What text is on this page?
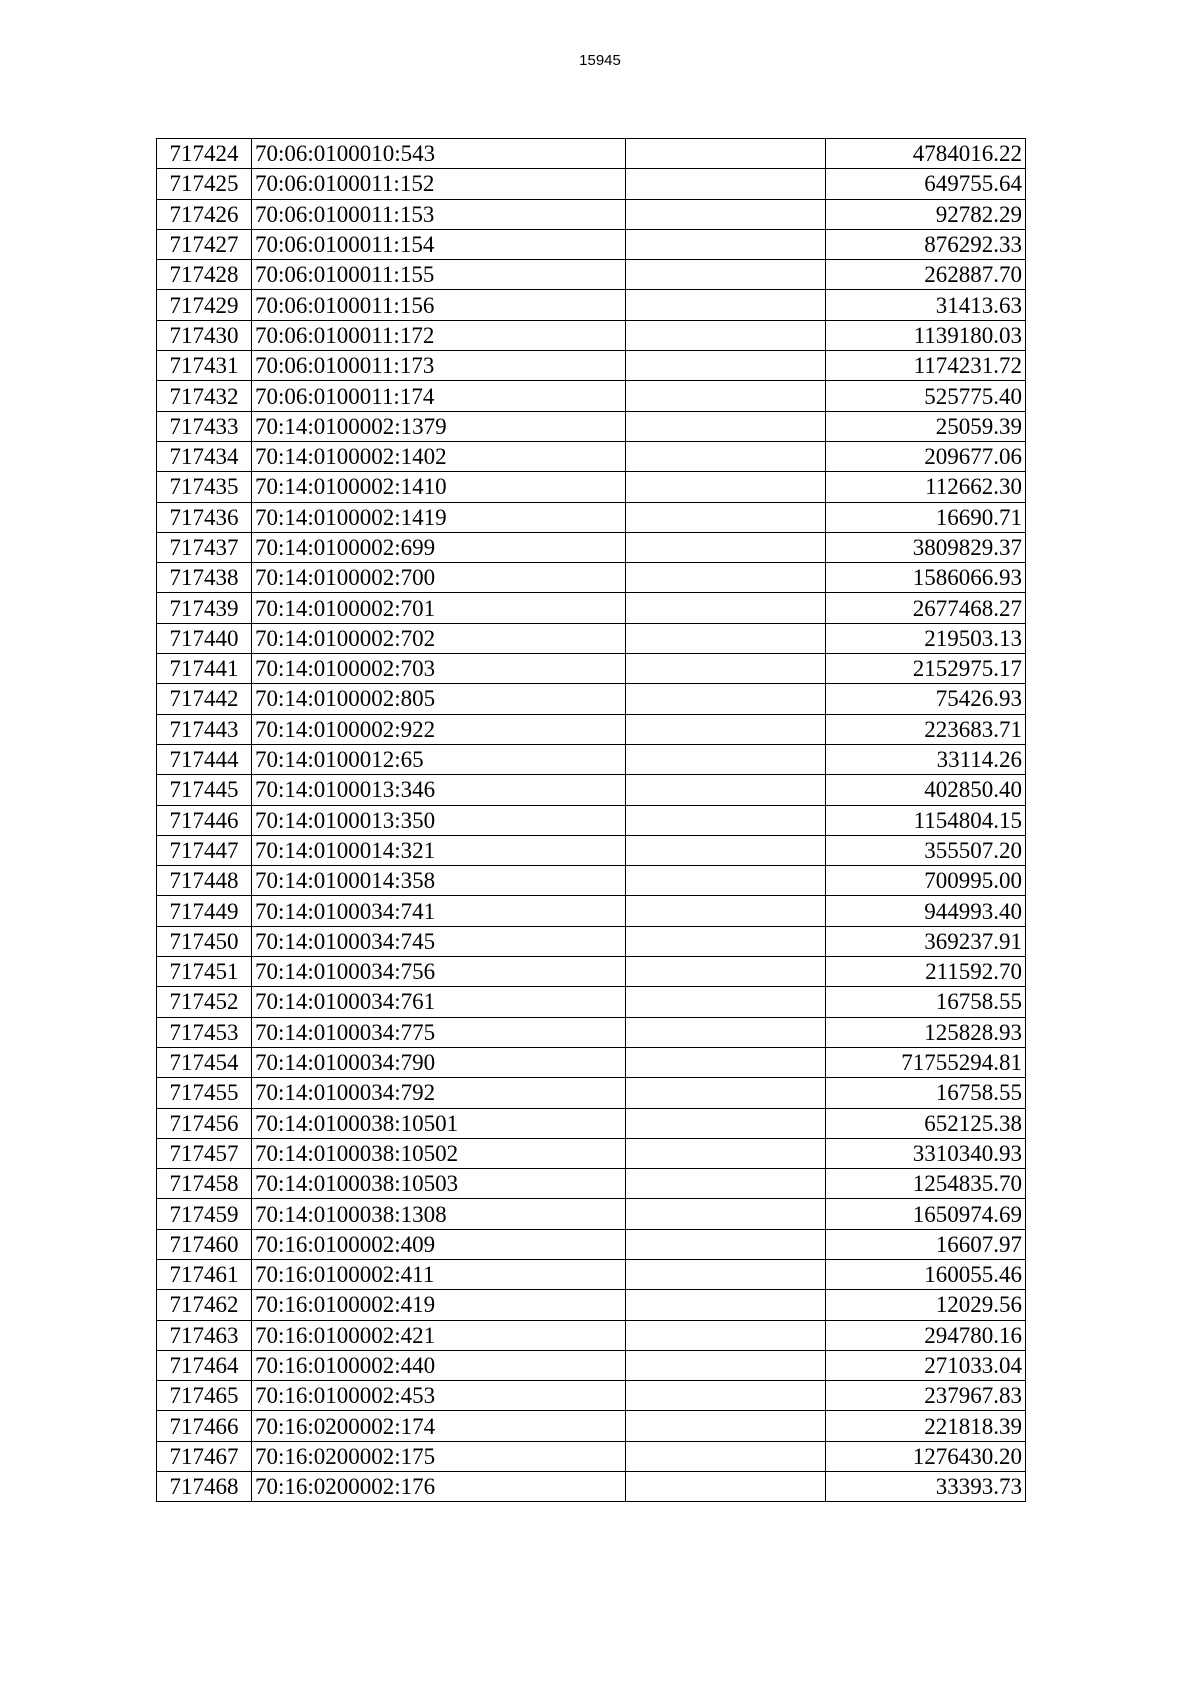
15945
717424	70:06:0100010:543		4784016.22
717425	70:06:0100011:152		649755.64
717426	70:06:0100011:153		92782.29
717427	70:06:0100011:154		876292.33
717428	70:06:0100011:155		262887.70
717429	70:06:0100011:156		31413.63
717430	70:06:0100011:172		1139180.03
717431	70:06:0100011:173		1174231.72
717432	70:06:0100011:174		525775.40
717433	70:14:0100002:1379		25059.39
717434	70:14:0100002:1402		209677.06
717435	70:14:0100002:1410		112662.30
717436	70:14:0100002:1419		16690.71
717437	70:14:0100002:699		3809829.37
717438	70:14:0100002:700		1586066.93
717439	70:14:0100002:701		2677468.27
717440	70:14:0100002:702		219503.13
717441	70:14:0100002:703		2152975.17
717442	70:14:0100002:805		75426.93
717443	70:14:0100002:922		223683.71
717444	70:14:0100012:65		33114.26
717445	70:14:0100013:346		402850.40
717446	70:14:0100013:350		1154804.15
717447	70:14:0100014:321		355507.20
717448	70:14:0100014:358		700995.00
717449	70:14:0100034:741		944993.40
717450	70:14:0100034:745		369237.91
717451	70:14:0100034:756		211592.70
717452	70:14:0100034:761		16758.55
717453	70:14:0100034:775		125828.93
717454	70:14:0100034:790		71755294.81
717455	70:14:0100034:792		16758.55
717456	70:14:0100038:10501		652125.38
717457	70:14:0100038:10502		3310340.93
717458	70:14:0100038:10503		1254835.70
717459	70:14:0100038:1308		1650974.69
717460	70:16:0100002:409		16607.97
717461	70:16:0100002:411		160055.46
717462	70:16:0100002:419		12029.56
717463	70:16:0100002:421		294780.16
717464	70:16:0100002:440		271033.04
717465	70:16:0100002:453		237967.83
717466	70:16:0200002:174		221818.39
717467	70:16:0200002:175		1276430.20
717468	70:16:0200002:176		33393.73
